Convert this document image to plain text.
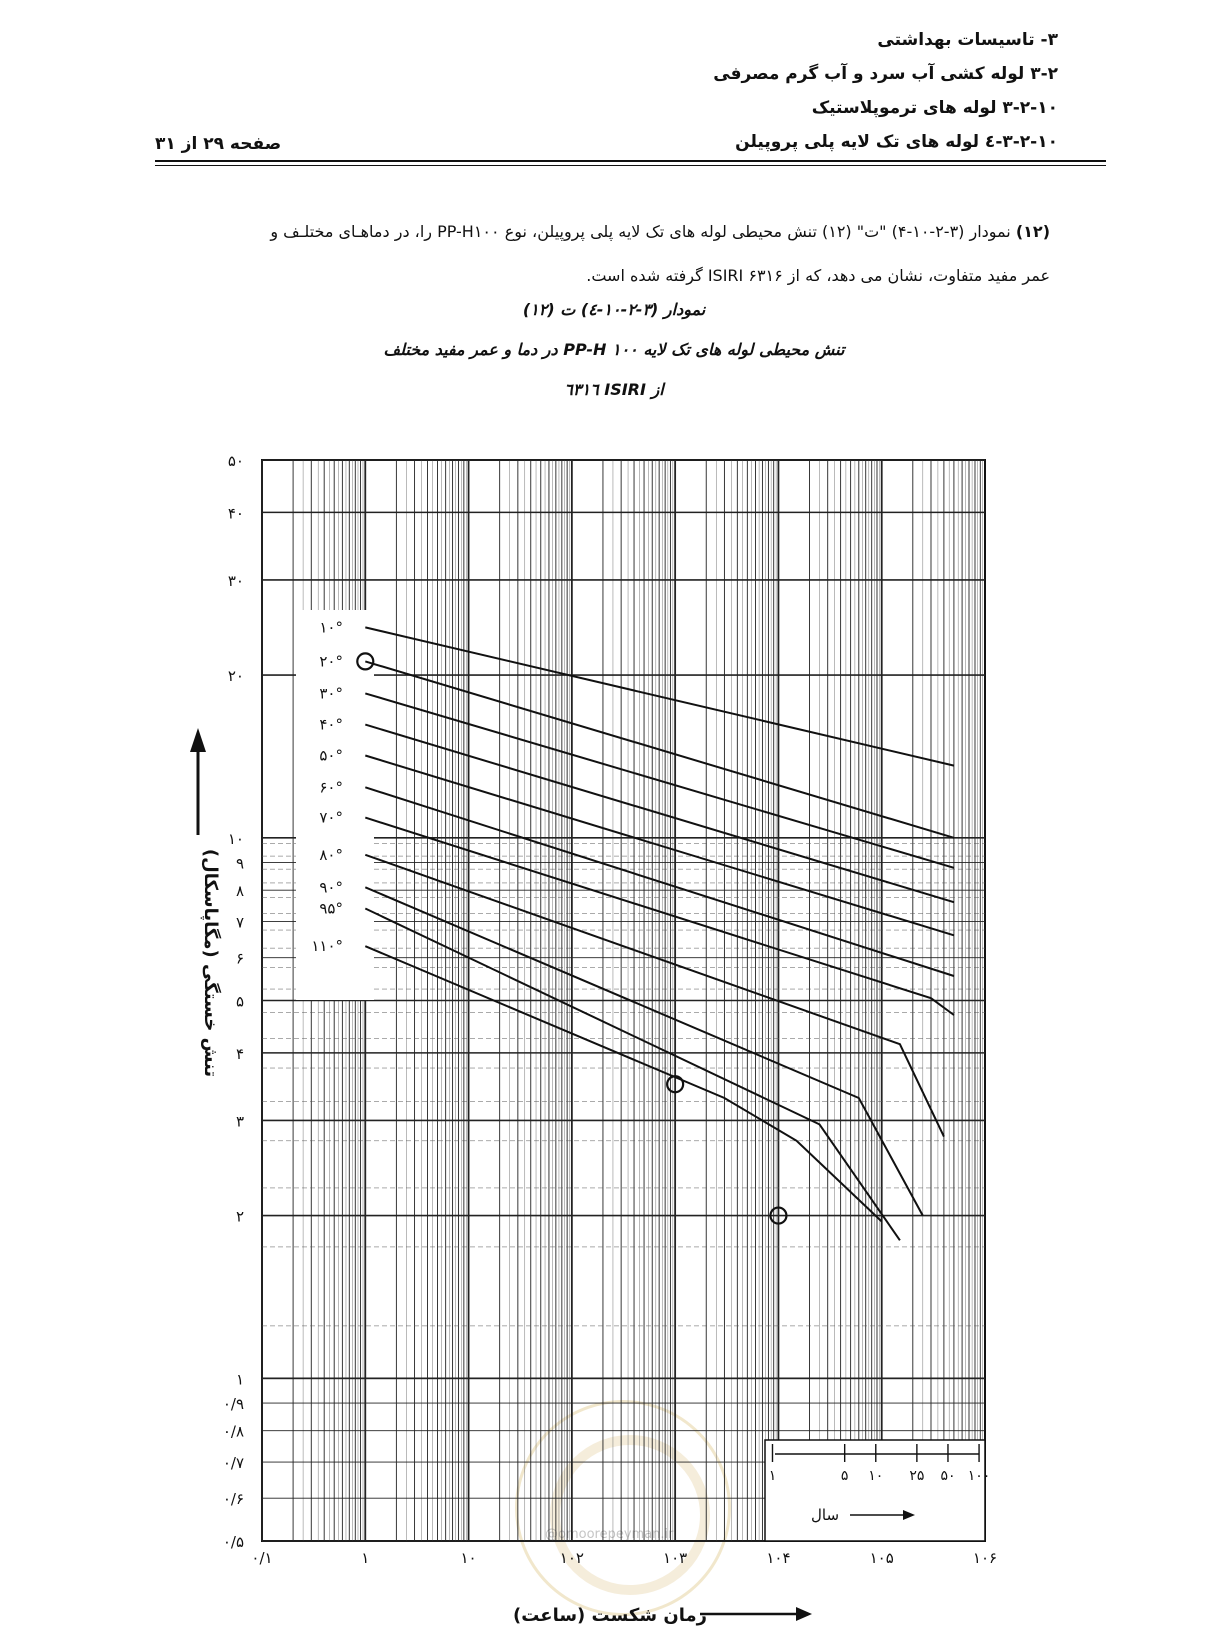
۳- تاسیسات بهداشتی
۳-۲ لوله کشی آب سرد و آب گرم مصرفی
۳-۲-۱۰ لوله های ترموپلاستیک
۳-۲-۱۰-٤ لوله های تک لایه پلی پروپیلن
صفحه ۲۹ از ۳۱
(۱۲) نمودار (۳-۲-۱۰-۴) "ت" (۱۲) تنش محیطی لوله های تک لایه پلی پروپیلن، نوع PP-H۱۰۰ را، در دماهـای مختلـف و
عمر مفید متفاوت، نشان می دهد، که از ISIRI ۶۳۱۶ گرفته شده است.
نمودار (۳-۲-۱۰-٤) ت (۱۲)
تنش محیطی لوله های تک لایه PP-H ۱۰۰ در دما و عمر مفید مختلف
از ISIRI ٦٣١٦
@omoorepeyman.ir
۵۰
۴۰
۳۰
۲۰
۱۰
۹
۸
۷
۶
۵
۴
۳
۲
۱
۰/۹
۰/۸
۰/۷
۰/۶
۰/۵
۰/۱	۱	۱۰	۱۰۲	۱۰۳	۱۰۴	۱۰۵	۱۰۶
۱۰°
۲۰°
۳۰°
۴۰°
۵۰°
۶۰°
۷۰°
۸۰°
۹۰°
۹۵°
۱۱۰°
۱	۵ ۱۰ ۲۵ ۵۰ ۱۰۰
سال
زمان شکست (ساعت)
تنش خستگی (مگاپاسکال)
